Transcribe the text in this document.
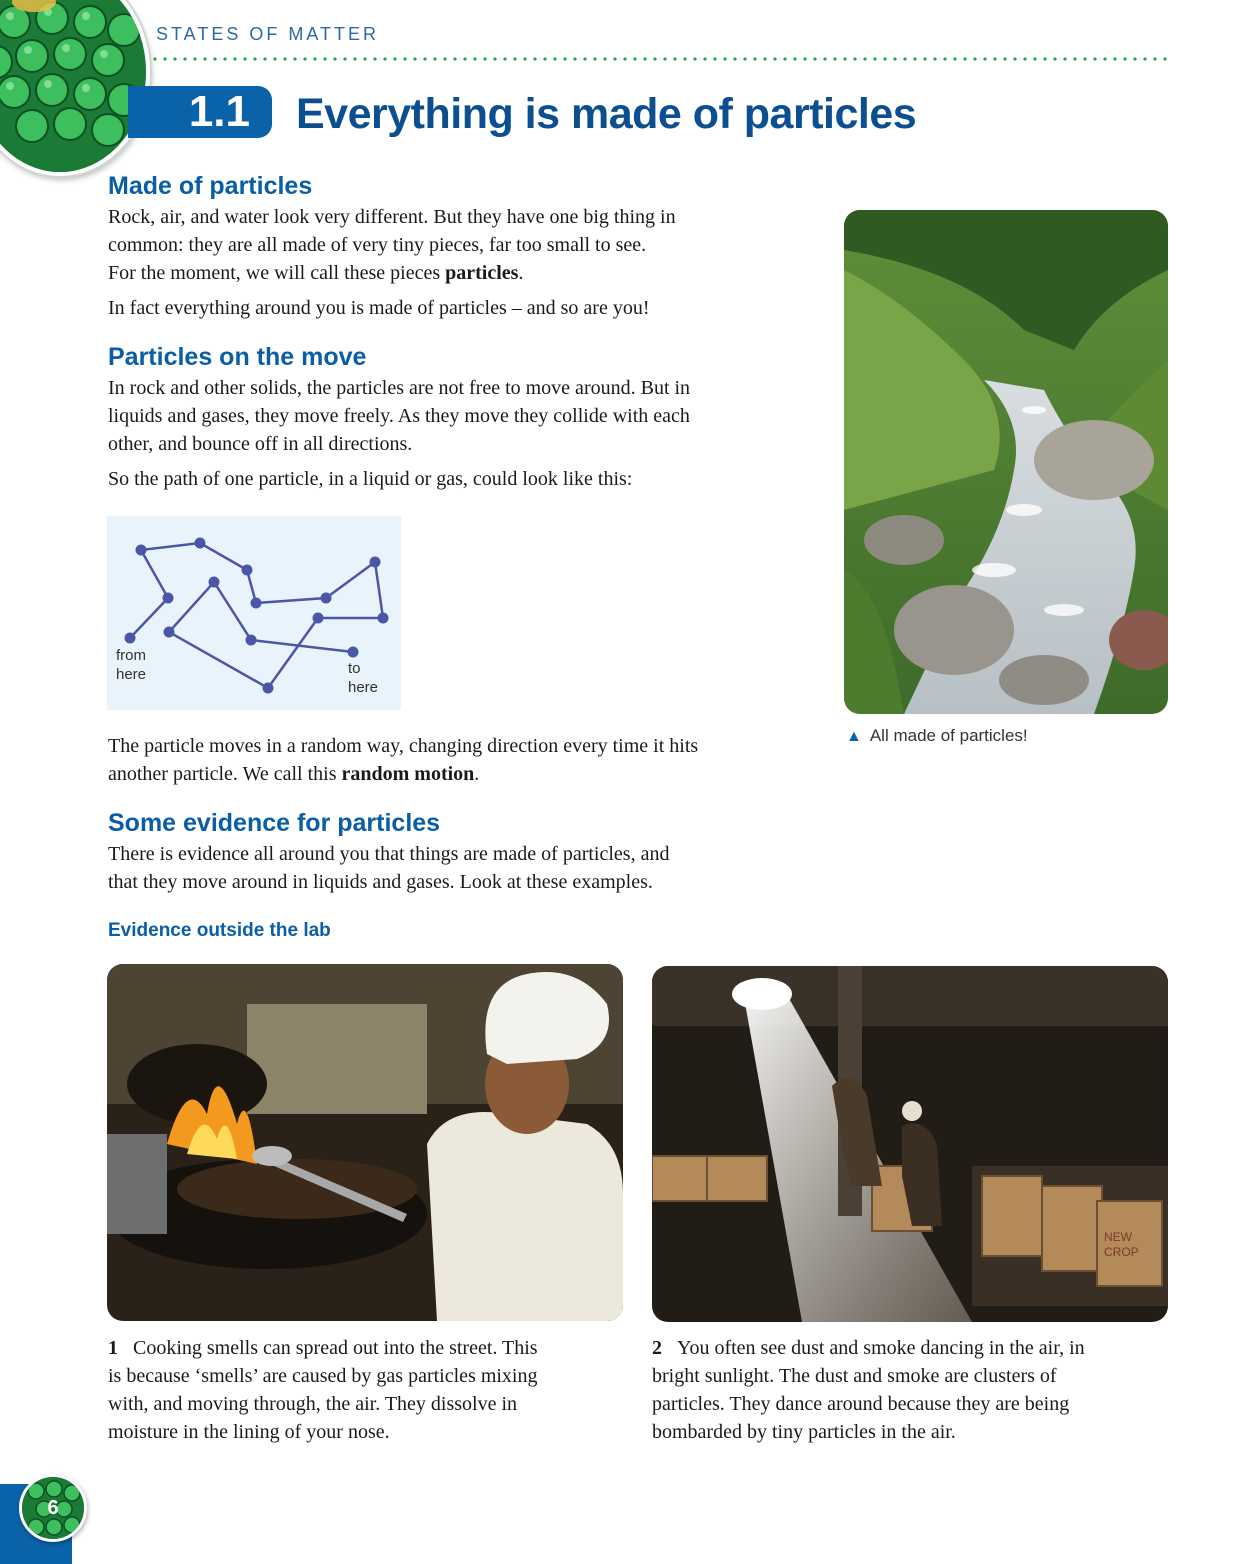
STATES OF MATTER
1.1	Everything is made of particles
Made of particles

Rock, air, and water look very different. But they have one big thing in
common: they are all made of very tiny pieces, far too small to see.
For the moment, we will call these pieces particles.

In fact everything around you is made of particles – and so are you!

Particles on the move

In rock and other solids, the particles are not free to move around. But in
liquids and gases, they move freely. As they move they collide with each
other, and bounce off in all directions.

So the path of one particle, in a liquid or gas, could look like this:

from
here	to
here

The particle moves in a random way, changing direction every time it hits
another particle. We call this random motion.

Some evidence for particles

There is evidence all around you that things are made of particles, and
that they move around in liquids and gases. Look at these examples.

Evidence outside the lab
▲ All made of particles!
NEW
CROP

1 Cooking smells can spread out into the street. This
is because ‘smells’ are caused by gas particles mixing
with, and moving through, the air. They dissolve in
moisture in the lining of your nose.

2 You often see dust and smoke dancing in the air, in
bright sunlight. The dust and smoke are clusters of
particles. They dance around because they are being
bombarded by tiny particles in the air.

6
